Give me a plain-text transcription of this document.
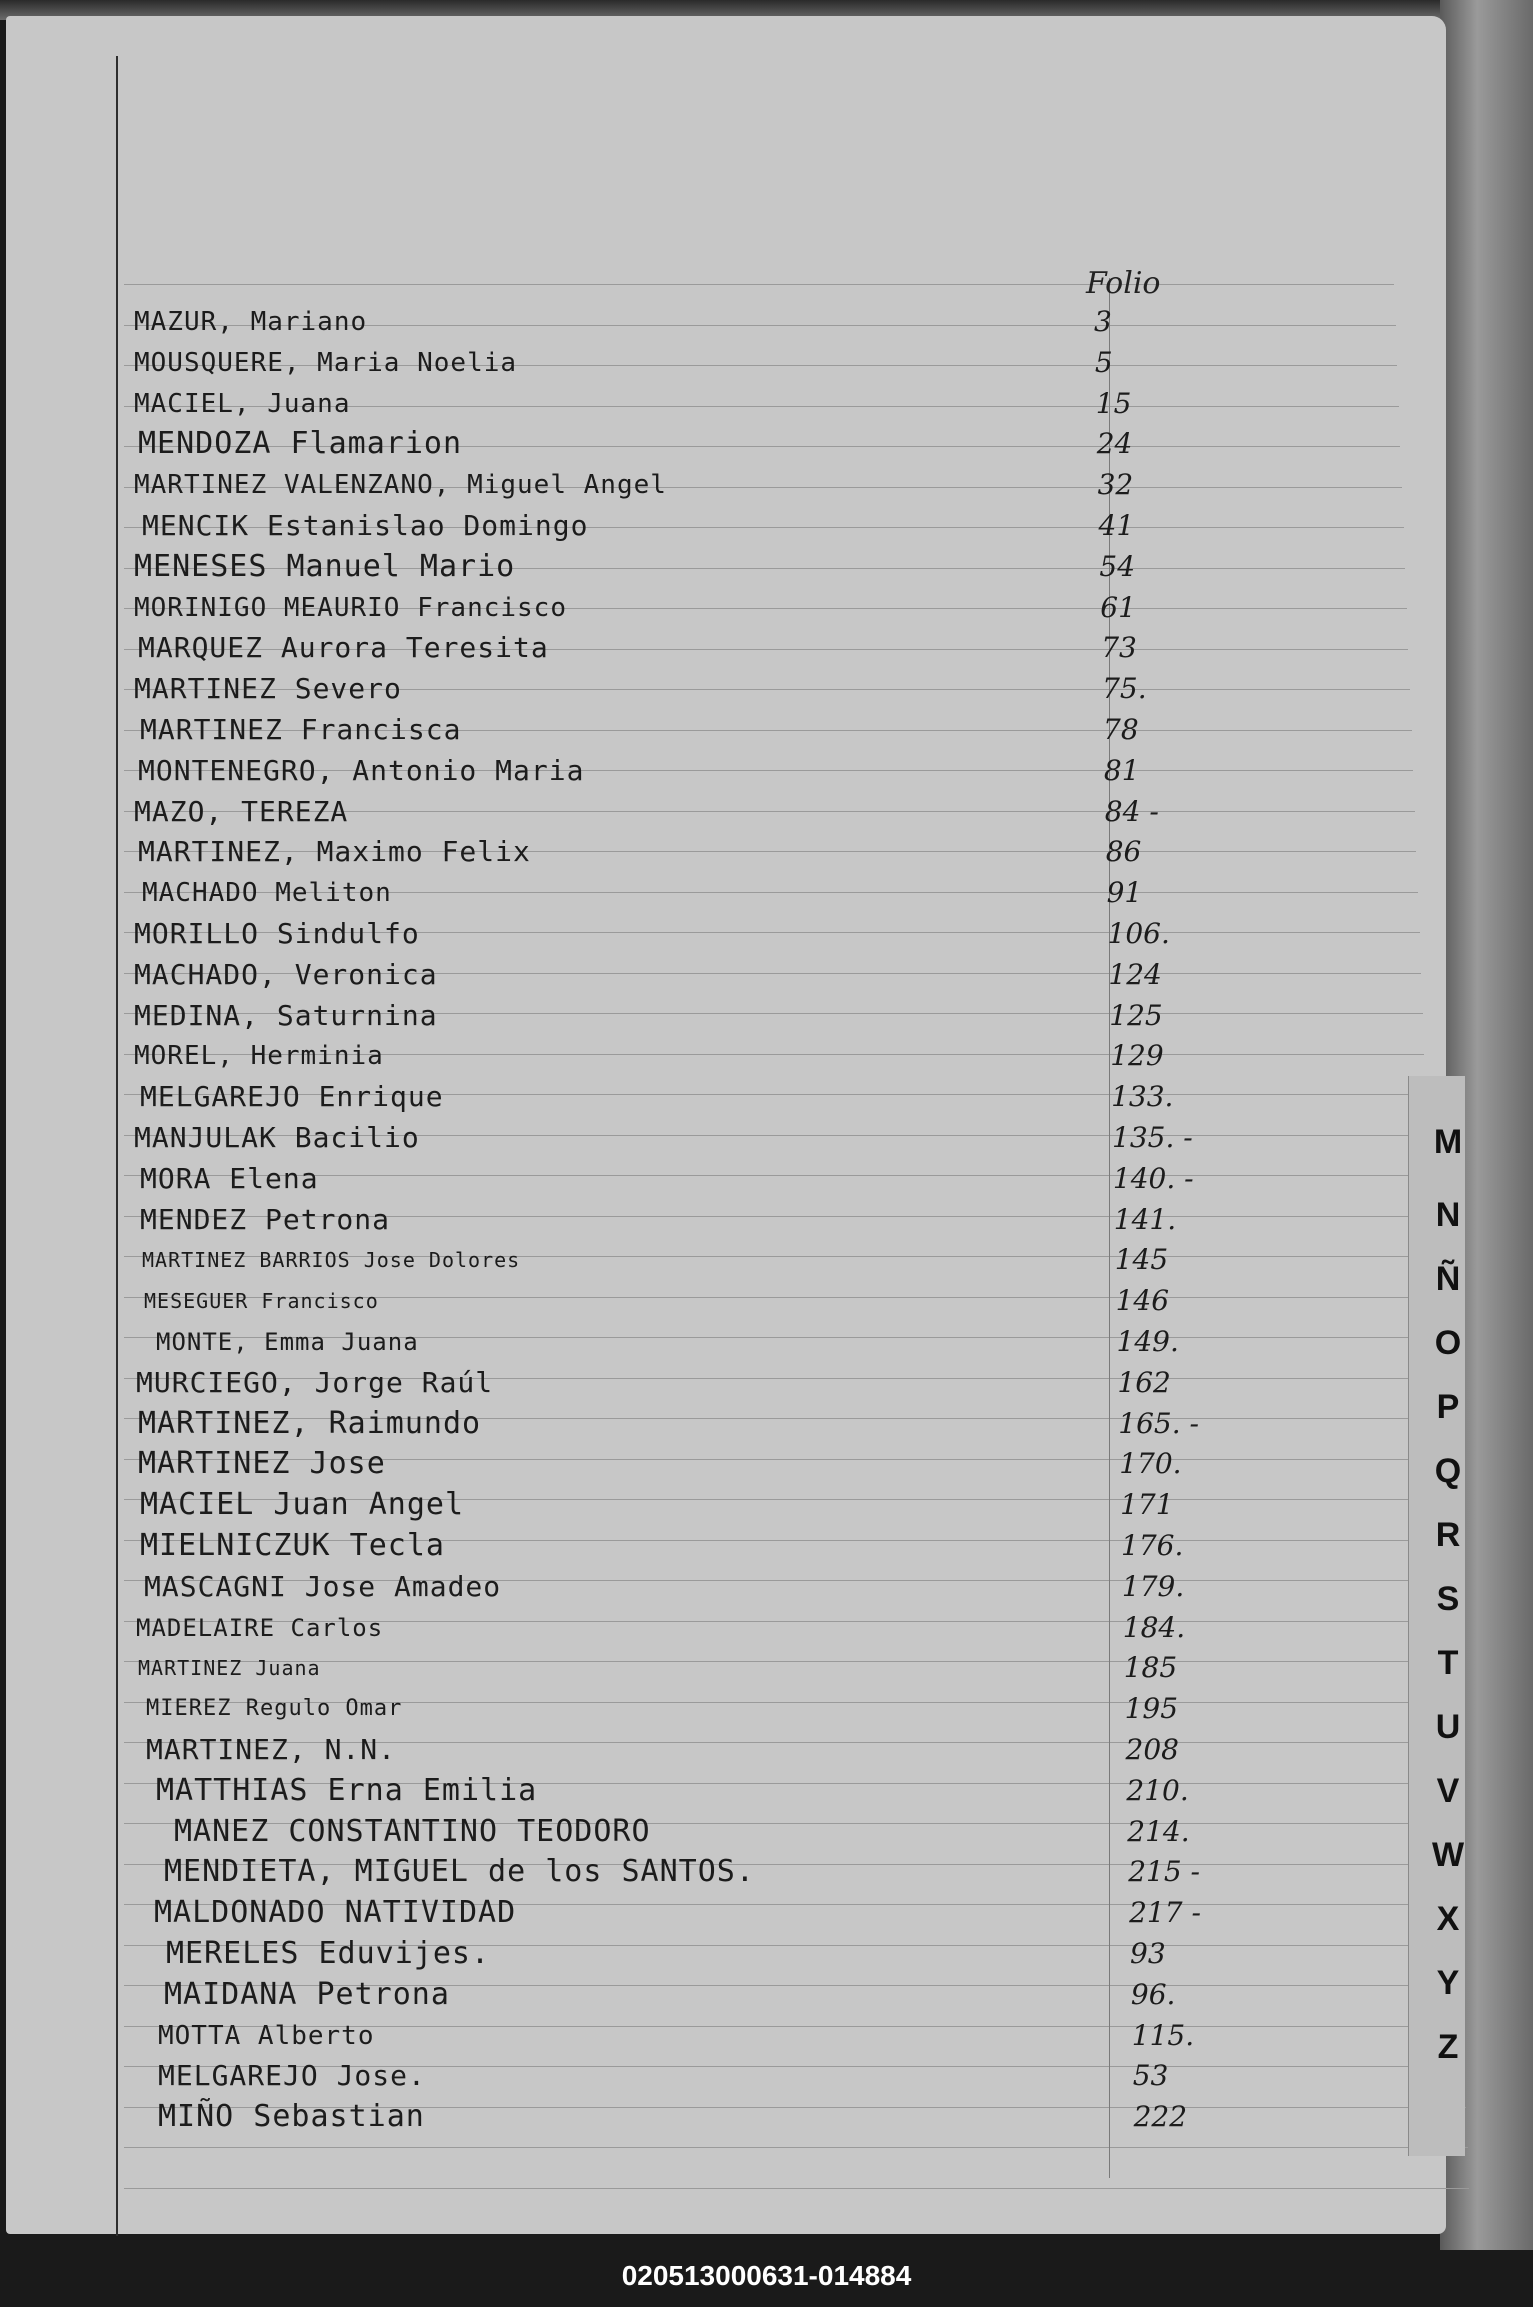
Folio
MAZUR, Mariano	3
MOUSQUERE, Maria Noelia	5
MACIEL, Juana	15
MENDOZA Flamarion	24
MARTINEZ VALENZANO, Miguel Angel	32
MENCIK Estanislao Domingo	41
MENESES Manuel Mario	54
MORINIGO MEAURIO Francisco	61
MARQUEZ Aurora Teresita	73
MARTINEZ Severo	75.
MARTINEZ Francisca	78
MONTENEGRO, Antonio Maria	81
MAZO, TEREZA	84 -
MARTINEZ, Maximo Felix	86
MACHADO Meliton	91
MORILLO Sindulfo	106.
MACHADO, Veronica	124
MEDINA, Saturnina	125
MOREL, Herminia	129
MELGAREJO Enrique	133.
MANJULAK Bacilio	135. -
MORA Elena	140. -
MENDEZ Petrona	141.
MARTINEZ BARRIOS Jose Dolores	145
MESEGUER Francisco	146
MONTE, Emma Juana	149.
MURCIEGO, Jorge Raúl	162
MARTINEZ, Raimundo	165. -
MARTINEZ Jose	170.
MACIEL Juan Angel	171
MIELNICZUK Tecla	176.
MASCAGNI Jose Amadeo	179.
MADELAIRE Carlos	184.
MARTINEZ Juana	185
MIEREZ Regulo Omar	195
MARTINEZ, N.N.	208
MATTHIAS Erna Emilia	210.
MANEZ CONSTANTINO TEODORO	214.
MENDIETA, MIGUEL de los SANTOS.	215 -
MALDONADO NATIVIDAD	217 -
MERELES Eduvijes.	93
MAIDANA Petrona	96.
MOTTA Alberto	115.
MELGAREJO Jose.	53
MIÑO Sebastian	222
M
N
Ñ
O
P
Q
R
S
T
U
V
W
X
Y
Z
020513000631-014884
